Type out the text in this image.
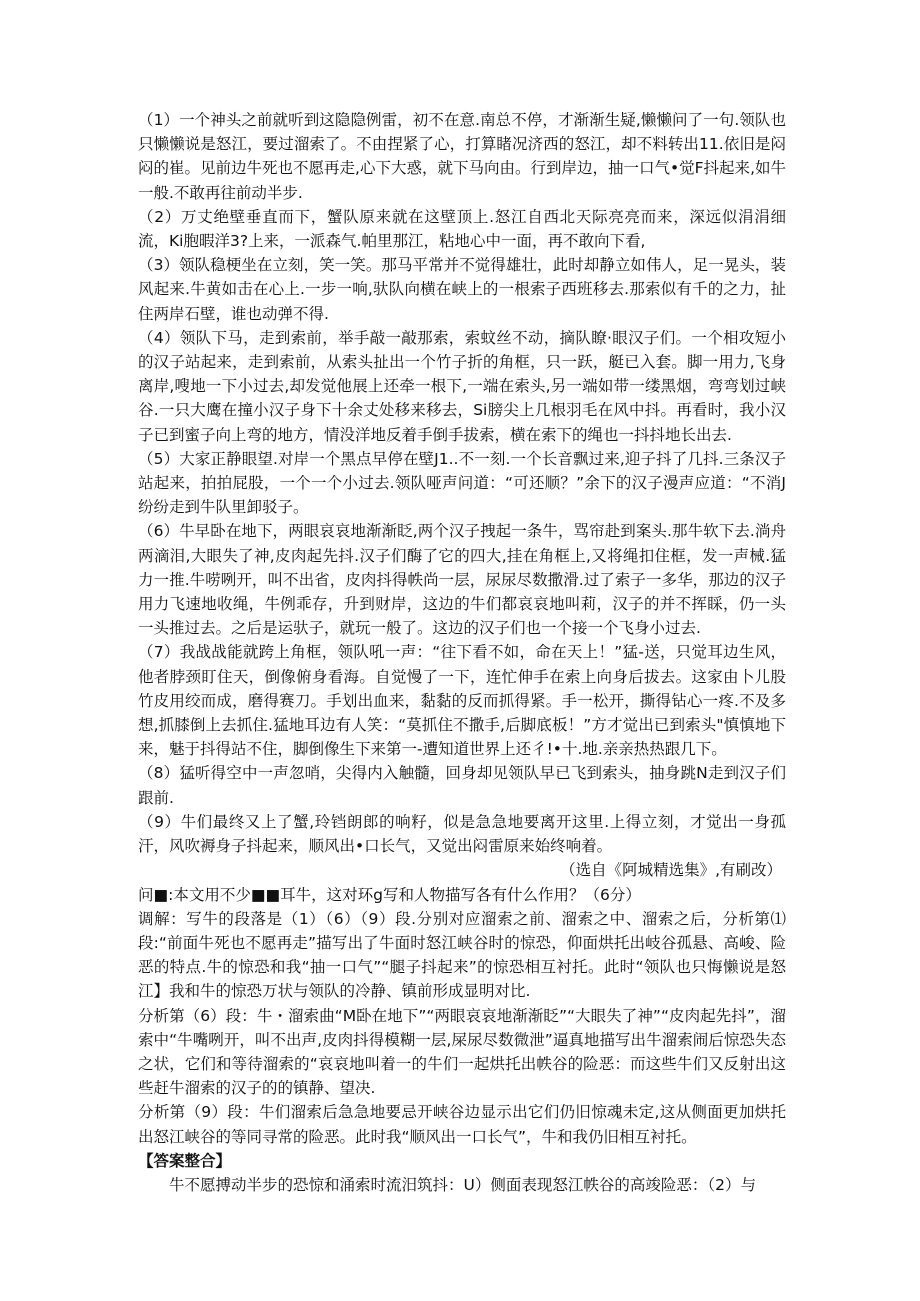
（1）一个神头之前就听到这隐隐例雷，初不在意.南总不停，才渐渐生疑,懒懒问了一句.领队也只懒懒说是怒江，要过溜索了。不由捏紧了心，打算睹况济西的怒江，却不料转出11.依旧是闷闷的崔。见前边牛死也不愿再走,心下大惑，就下马向由。行到岸边，抽一口气•觉F抖起来,如牛一般.不敢再往前动半步.

（2）万丈绝壁垂直而下，蟹队原来就在这壁顶上.怒江自西北天际亮亮而来，深远似涓涓细流，Ki胞暇洋3?上来，一派森气.帕里那江，粘地心中一面，再不敢向下看,

（3）领队稳梗坐在立刻，笑一笑。那马平常并不觉得雄壮，此时却静立如伟人，足一晃头，装风起来.牛黄如击在心上.一步一响,驮队向横在峡上的一根索子西班移去.那索似有千的之力，扯住两岸石壁，谁也动弹不得.

（4）领队下马，走到索前，举手敲一敲那索，索蚊丝不动，摘队瞭·眼汉子们。一个相攻短小的汉子站起来，走到索前，从索头扯出一个竹子折的角框，只一跃，艇已入套。脚一用力,飞身离岸,嗖地一下小过去,却发觉他展上还牵一根下,一端在索头,另一端如带一缕黑烟，弯弯划过峡谷.一只大鹰在撞小汉子身下十余丈处移来移去，Si膀尖上几根羽毛在风中抖。再看时，我小汉子已到蜜子向上弯的地方，情没洋地反着手倒手拔索，横在索下的绳也一抖抖地长出去.

（5）大家正静眼望.对岸一个黑点早停在壁J1..不一刻.一个长音飘过来,迎子抖了几抖.三条汉子站起来，拍拍屁股，一个一个小过去.领队哑声问道：“可还顺？”余下的汉子漫声应道：“不消J纷纷走到牛队里卸驳子。

（6）牛早卧在地下，两眼哀哀地渐渐眨,两个汉子拽起一条牛，骂帘赴到案头.那牛软下去.淌舟两滴泪,大眼失了神,皮肉起先抖.汉子们酶了它的四大,挂在角框上,又将绳扣住框，发一声械.猛力一推.牛唠咧开，叫不出省，皮肉抖得帙尚一层，尿尿尽数撒滑.过了索子一多华，那边的汉子用力飞速地收绳，牛例乖存，升到财岸，这边的牛们都哀哀地叫莉，汉子的并不挥睬，仍一头一头推过去。之后是运驮子，就玩一般了。这边的汉子们也一个接一个飞身小过去.

（7）我战战能就跨上角框，领队吼一声：“往下看不如，命在天上！”猛-送，只觉耳边生风，他者脖颈盯住天，倒像俯身看海。自觉慢了一下，连忙伸手在索上向身后拔去。这家由卜儿股竹皮用绞而成，磨得赛刀。手划出血来，黏黏的反而抓得紧。手一松开，撕得钻心一疼.不及多想,抓膝倒上去抓住.猛地耳边有人笑：“莫抓住不撒手,后脚底板！”方才觉出已到索头"慎慎地下来，魅于抖得站不住，脚倒像生下来第一-遭知道世界上还彳!•十.地.亲亲热热跟几下。

（8）猛听得空中一声忽哨，尖得内入触髓，回身却见领队早已飞到索头，抽身跳N走到汉子们跟前.

（9）牛们最终又上了蟹,玲铛朗郎的响籽，似是急急地要离开这里.上得立刻，才觉出一身孤汗，风吹褥身子抖起来，顺风出•口长气，又觉出闷雷原来始终响着。

（选自《阿城精选集》,有刷改）

问■:本文用不少■■耳牛，这对环g写和人物描写各有什么作用？（6分）

调解：写牛的段落是（1）（6）（9）段.分别对应溜索之前、溜索之中、溜索之后，分析第⑴段:“前面牛死也不愿再走”描写出了牛面时怒江峡谷时的惊恐，仰面烘托出岐谷孤悬、高峻、险恶的特点.牛的惊恐和我“抽一口气”“腿子抖起来”的惊恐相互衬托。此时“领队也只悔懒说是怒江】我和牛的惊恐万状与领队的冷静、镇前形成显明对比.

分析第（6）段：牛・溜索曲“M卧在地下”“两眼哀哀地渐渐眨”“大眼失了神”“皮肉起先抖”，溜索中“牛嘴咧开，叫不出声,皮肉抖得模糊一层,屎尿尽数微泄”逼真地描写出牛溜索闹后惊恐失态之状，它们和等待溜索的“哀哀地叫着一的牛们一起烘托出帙谷的险恶：而这些牛们又反射出这些赶牛溜索的汉子的的镇静、望决.

分析第（9）段：牛们溜索后急急地要忌开峡谷边显示出它们仍旧惊魂未定,这从侧面更加烘托出怒江峡谷的等同寻常的险恶。此时我“顺风出一口长气”，牛和我仍旧相互衬托。

【答案整合】

牛不愿搏动半步的恐惊和涌索时流汨筑抖：U）侧面表现怒江帙谷的高竣险恶：（2）与
